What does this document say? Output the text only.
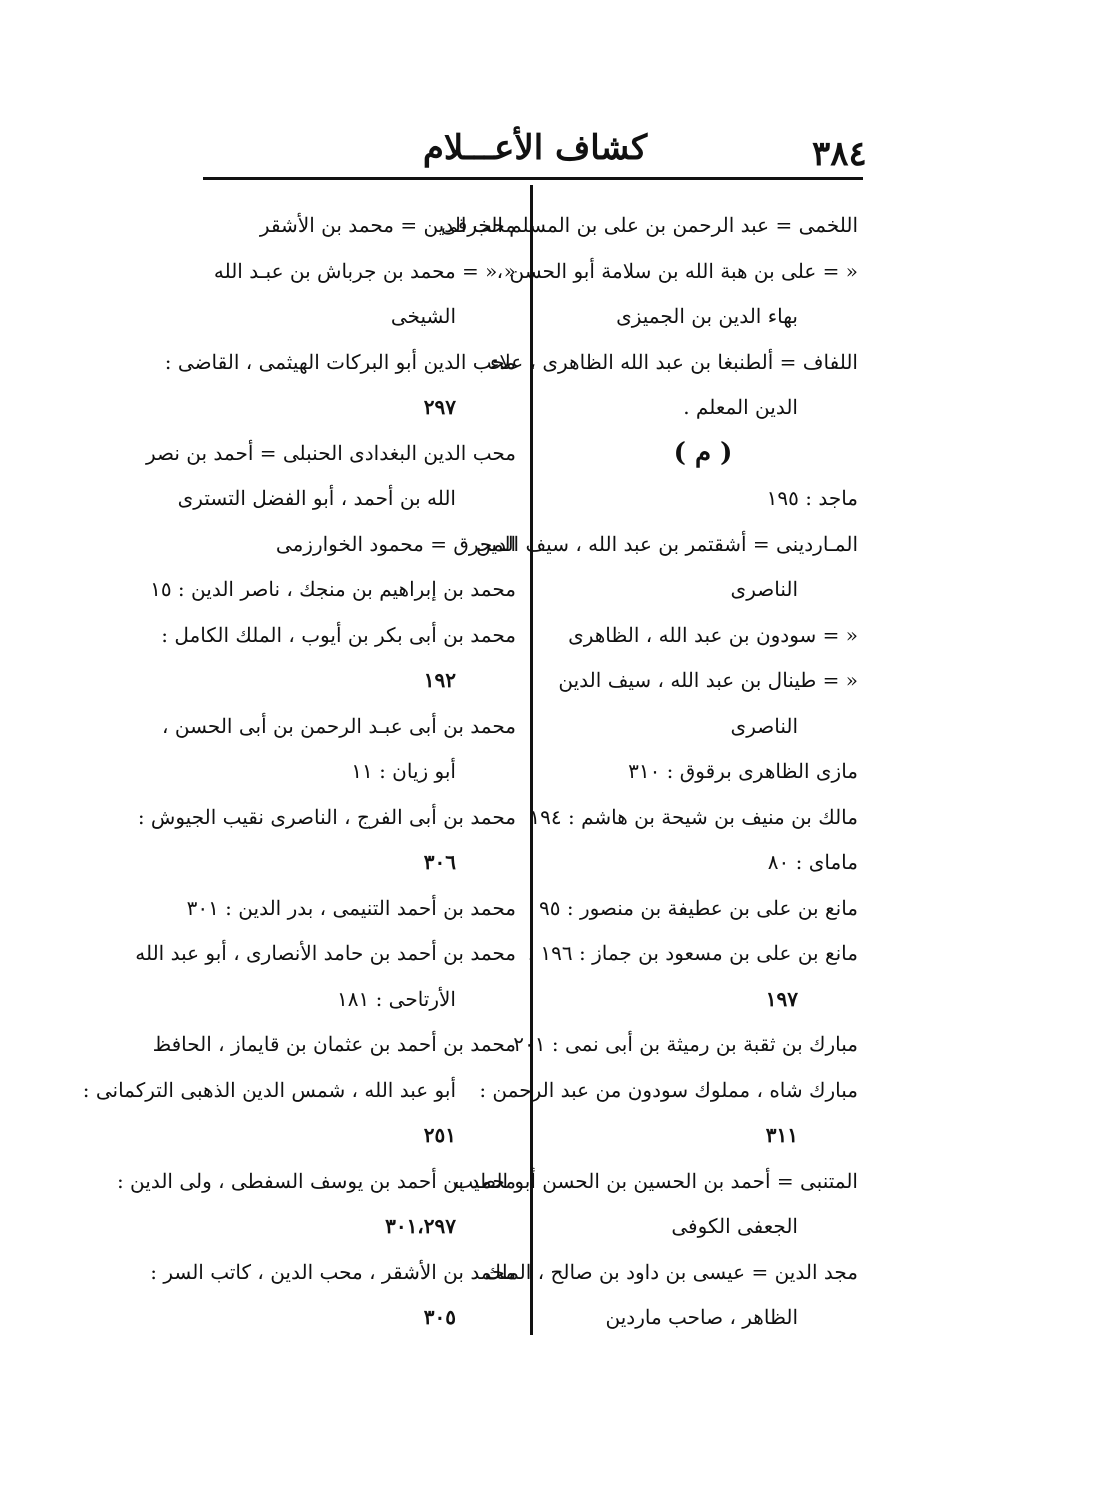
٣٨٤
كشاف الأعـــلام
اللخمى = عبد الرحمن بن على بن المسلم الخرقى
« = على بن هبة الله بن سلامة أبو الحسن ،
بهاء الدين بن الجميزى
اللفاف = ألطنبغا بن عبد الله الظاهرى ، علاء
الدين المعلم .
( م )
ماجد : ١٩٥
المـاردينى = أشقتمر بن عبد الله ، سيف الدين
الناصرى
« = سودون بن عبد الله ، الظاهرى
« = طينال بن عبد الله ، سيف الدين
الناصرى
مازى الظاهرى برقوق : ٣١٠
مالك بن منيف بن شيحة بن هاشم : ١٩٤
ماماى : ٨٠
مانع بن على بن عطيفة بن منصور : ٩٥
مانع بن على بن مسعود بن جماز : ١٩٦ ،
١٩٧
مبارك بن ثقبة بن رميثة بن أبى نمى : ٢٠١
مبارك شاه ، مملوك سودون من عبد الرحمن :
٣١١
المتنبى = أحمد بن الحسين بن الحسن أبو الطيب
الجعفى الكوفى
مجد الدين = عيسى بن داود بن صالح ، الملك
الظاهر ، صاحب ماردين
محب الدين = محمد بن الأشقر
« « = محمد بن جرباش بن عبـد الله
الشيخى
محب الدين أبو البركات الهيثمى ، القاضى :
٢٩٧
محب الدين البغدادى الحنبلى = أحمد بن نصر
الله بن أحمد ، أبو الفضل التسترى
المحرق = محمود الخوارزمى
محمد بن إبراهيم بن منجك ، ناصر الدين : ١٥
محمد بن أبى بكر بن أيوب ، الملك الكامل :
١٩٢
محمد بن أبى عبـد الرحمن بن أبى الحسن ،
أبو زيان : ١١
محمد بن أبى الفرج ، الناصرى نقيب الجيوش :
٣٠٦
محمد بن أحمد التنيمى ، بدر الدين : ٣٠١
محمد بن أحمد بن حامد الأنصارى ، أبو عبد الله
الأرتاحى : ١٨١
محمد بن أحمد بن عثمان بن قايماز ، الحافظ
أبو عبد الله ، شمس الدين الذهبى التركمانى :
٢٥١
محمد بن أحمد بن يوسف السفطى ، ولى الدين :
٣٠١،٢٩٧
محمد بن الأشقر ، محب الدين ، كاتب السر :
٣٠٥
